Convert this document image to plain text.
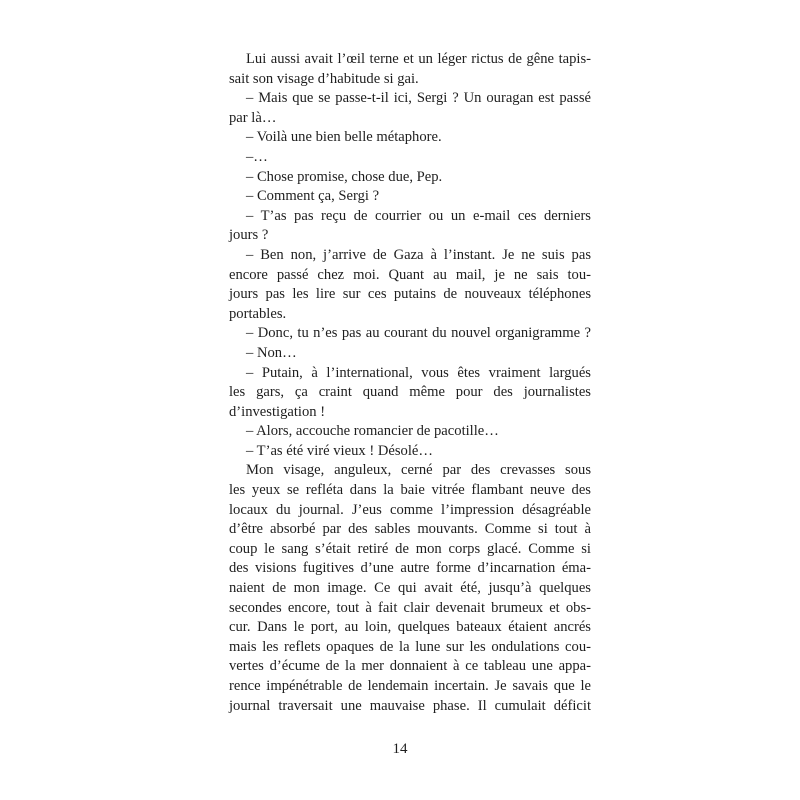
Lui aussi avait l’œil terne et un léger rictus de gêne tapis-
sait son visage d’habitude si gai.
– Mais que se passe-t-il ici, Sergi ? Un ouragan est passé
par là…
– Voilà une bien belle métaphore.
–…
– Chose promise, chose due, Pep.
– Comment ça, Sergi ?
– T’as pas reçu de courrier ou un e-mail ces derniers
jours ?
– Ben non, j’arrive de Gaza à l’instant. Je ne suis pas
encore passé chez moi. Quant au mail, je ne sais tou-
jours pas les lire sur ces putains de nouveaux téléphones
portables.
– Donc, tu n’es pas au courant du nouvel organigramme ?
– Non…
– Putain, à l’international, vous êtes vraiment largués
les gars, ça craint quand même pour des journalistes
d’investigation !
– Alors, accouche romancier de pacotille…
– T’as été viré vieux ! Désolé…
Mon visage, anguleux, cerné par des crevasses sous
les yeux se refléta dans la baie vitrée flambant neuve des
locaux du journal. J’eus comme l’impression désagréable
d’être absorbé par des sables mouvants. Comme si tout à
coup le sang s’était retiré de mon corps glacé. Comme si
des visions fugitives d’une autre forme d’incarnation éma-
naient de mon image. Ce qui avait été, jusqu’à quelques
secondes encore, tout à fait clair devenait brumeux et obs-
cur. Dans le port, au loin, quelques bateaux étaient ancrés
mais les reflets opaques de la lune sur les ondulations cou-
vertes d’écume de la mer donnaient à ce tableau une appa-
rence impénétrable de lendemain incertain. Je savais que le
journal traversait une mauvaise phase. Il cumulait déficit
14
